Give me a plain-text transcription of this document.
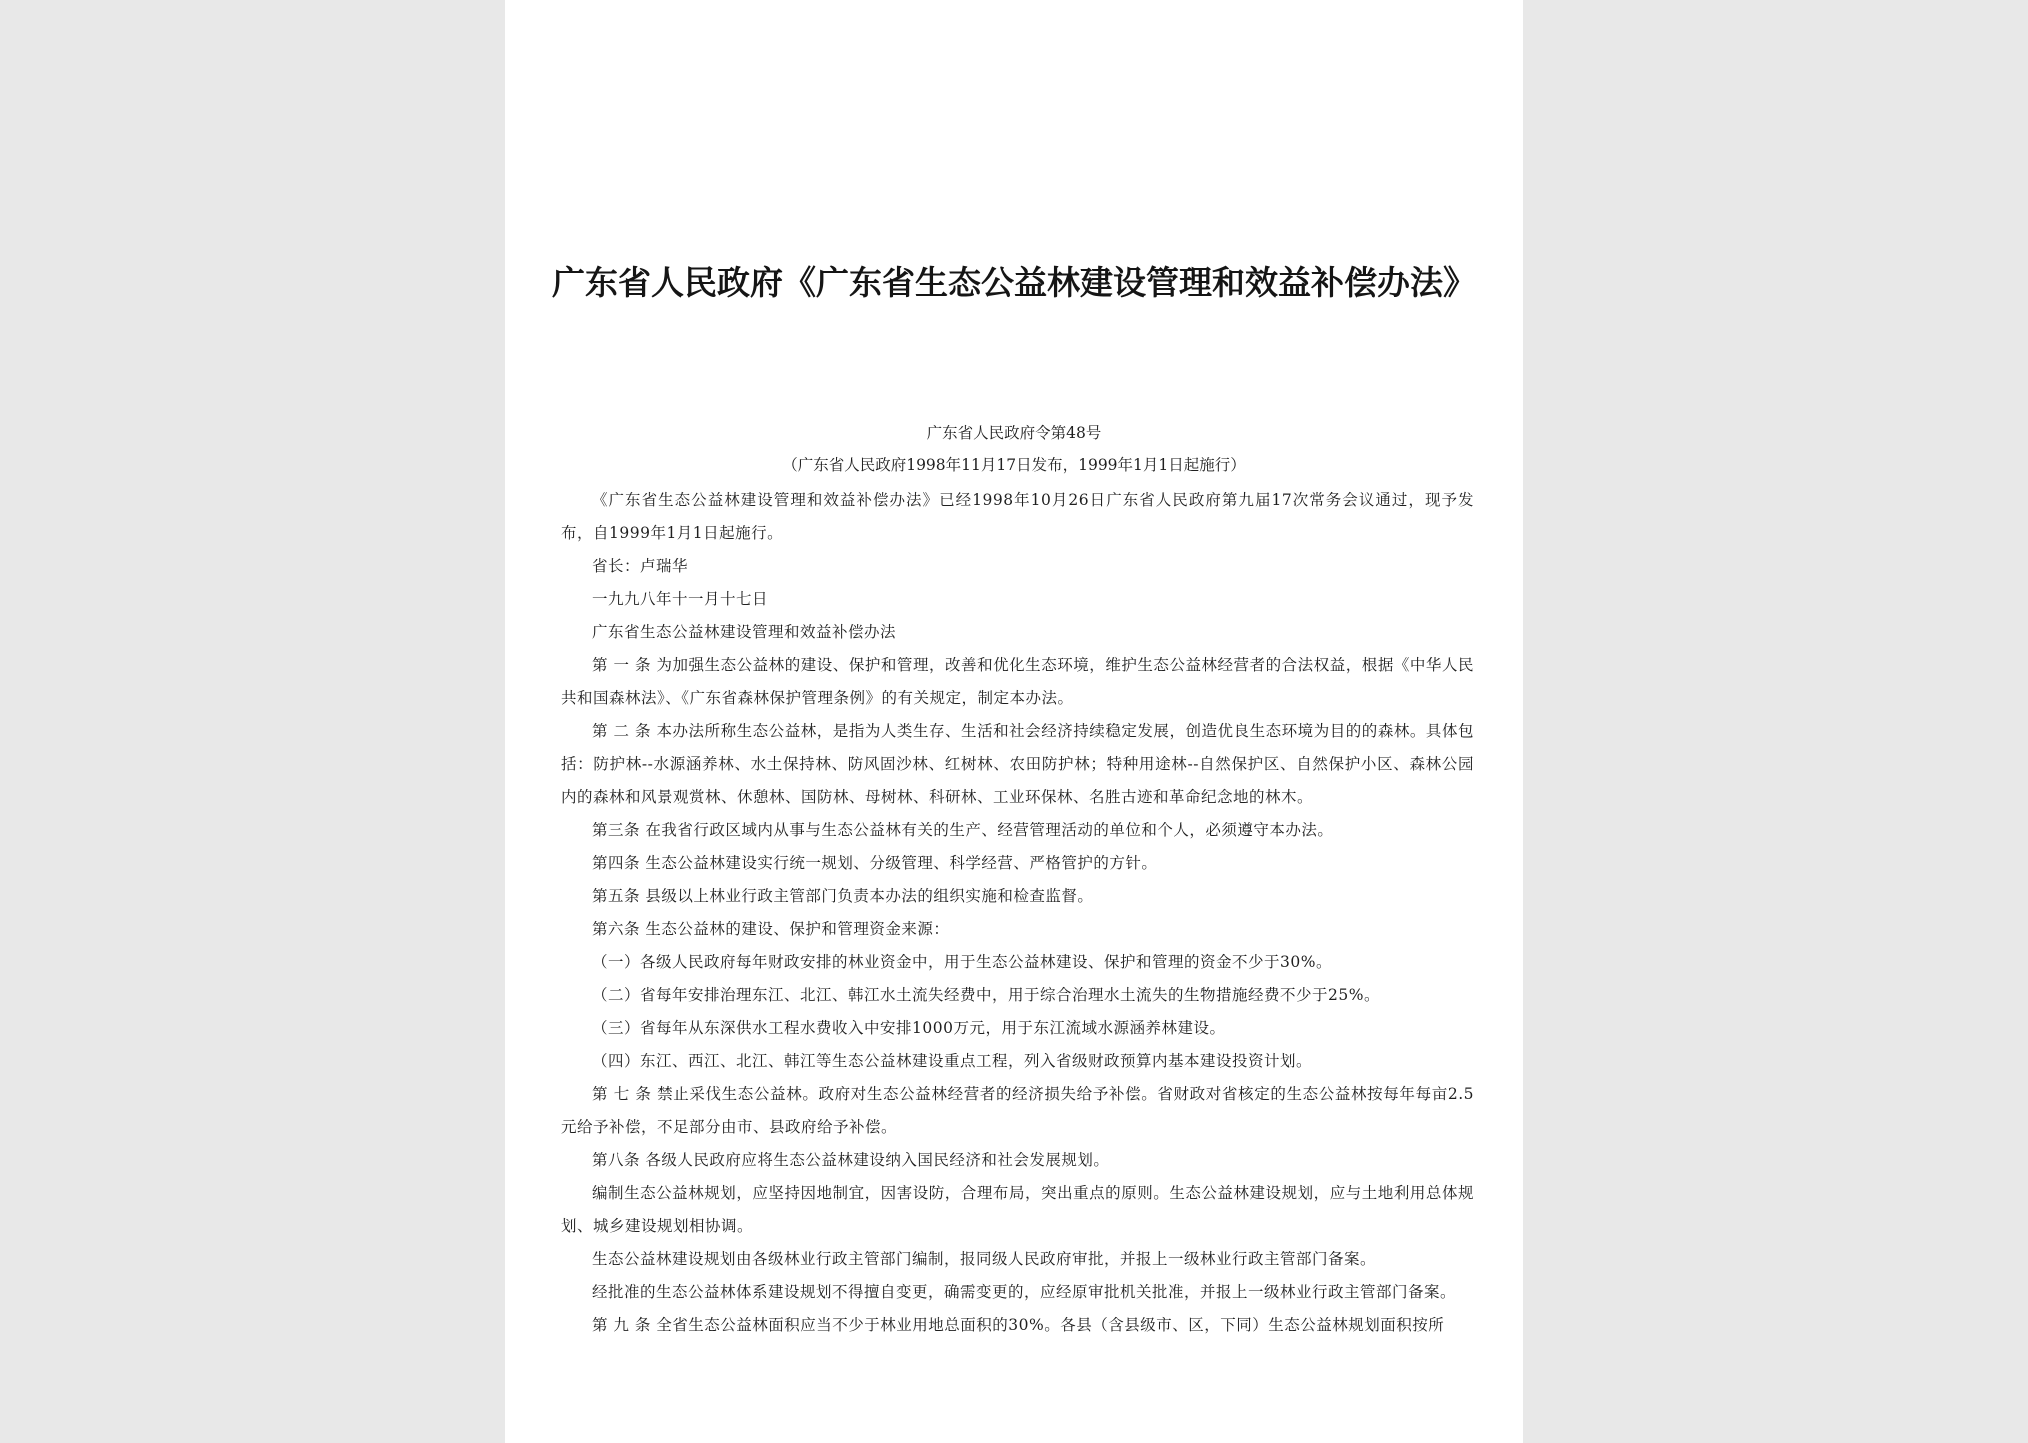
广东省人民政府《广东省生态公益林建设管理和效益补偿办法》
广东省人民政府令第48号
（广东省人民政府1998年11月17日发布，1999年1月1日起施行）

《广东省生态公益林建设管理和效益补偿办法》已经1998年10月26日广东省人民政府第九届17次常务会议通过，现予发布，自1999年1月1日起施行。

省长：卢瑞华

一九九八年十一月十七日

广东省生态公益林建设管理和效益补偿办法

第 一 条 为加强生态公益林的建设、保护和管理，改善和优化生态环境，维护生态公益林经营者的合法权益，根据《中华人民共和国森林法》、《广东省森林保护管理条例》的有关规定，制定本办法。

第 二 条 本办法所称生态公益林，是指为人类生存、生活和社会经济持续稳定发展，创造优良生态环境为目的的森林。具体包括：防护林--水源涵养林、水土保持林、防风固沙林、红树林、农田防护林；特种用途林--自然保护区、自然保护小区、森林公园内的森林和风景观赏林、休憩林、国防林、母树林、科研林、工业环保林、名胜古迹和革命纪念地的林木。

第三条 在我省行政区域内从事与生态公益林有关的生产、经营管理活动的单位和个人，必须遵守本办法。

第四条 生态公益林建设实行统一规划、分级管理、科学经营、严格管护的方针。

第五条 县级以上林业行政主管部门负责本办法的组织实施和检查监督。

第六条 生态公益林的建设、保护和管理资金来源：

（一）各级人民政府每年财政安排的林业资金中，用于生态公益林建设、保护和管理的资金不少于30%。

（二）省每年安排治理东江、北江、韩江水土流失经费中，用于综合治理水土流失的生物措施经费不少于25%。

（三）省每年从东深供水工程水费收入中安排1000万元，用于东江流域水源涵养林建设。

（四）东江、西江、北江、韩江等生态公益林建设重点工程，列入省级财政预算内基本建设投资计划。

第 七 条 禁止采伐生态公益林。政府对生态公益林经营者的经济损失给予补偿。省财政对省核定的生态公益林按每年每亩2.5元给予补偿，不足部分由市、县政府给予补偿。

第八条 各级人民政府应将生态公益林建设纳入国民经济和社会发展规划。

编制生态公益林规划，应坚持因地制宜，因害设防，合理布局，突出重点的原则。生态公益林建设规划，应与土地利用总体规划、城乡建设规划相协调。

生态公益林建设规划由各级林业行政主管部门编制，报同级人民政府审批，并报上一级林业行政主管部门备案。

经批准的生态公益林体系建设规划不得擅自变更，确需变更的，应经原审批机关批准，并报上一级林业行政主管部门备案。

第 九 条 全省生态公益林面积应当不少于林业用地总面积的30%。各县（含县级市、区，下同）生态公益林规划面积按所
